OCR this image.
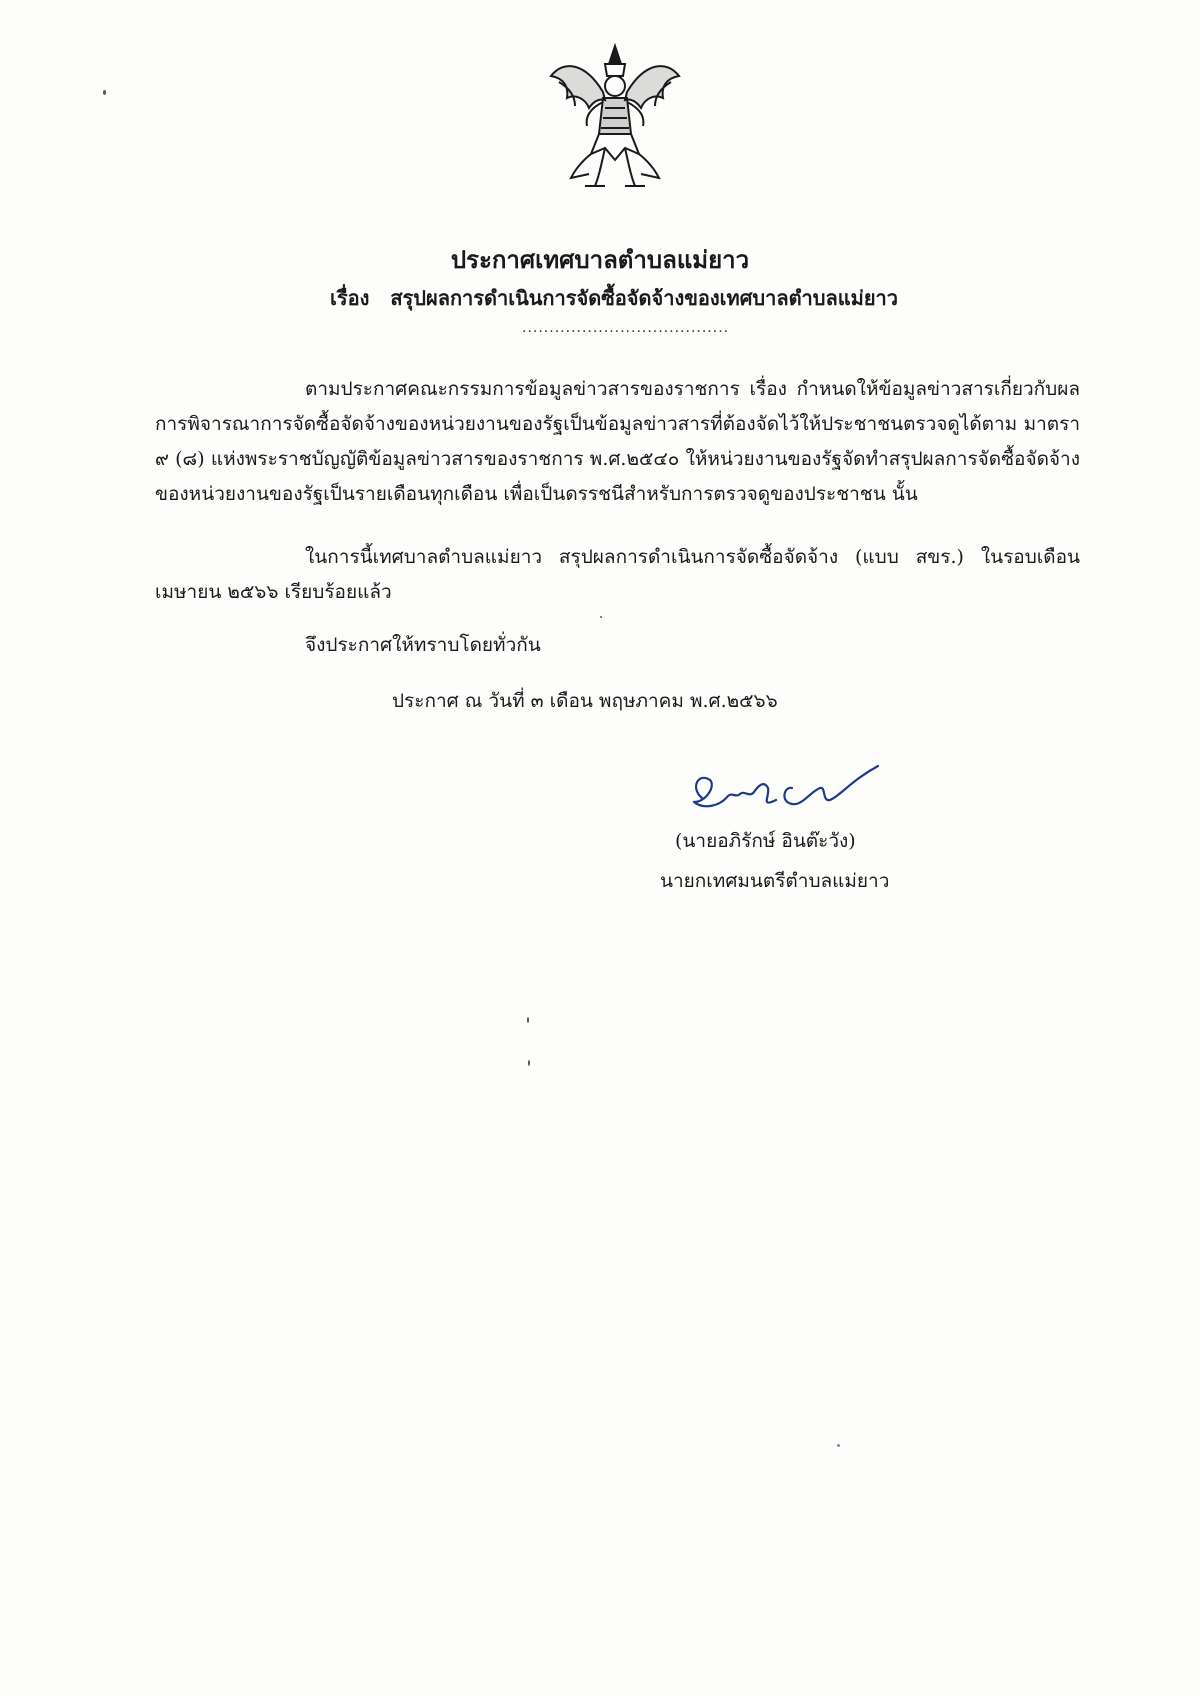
ประกาศเทศบาลตำบลแม่ยาว
เรื่อง สรุปผลการดำเนินการจัดซื้อจัดจ้างของเทศบาลตำบลแม่ยาว
......................................
ตามประกาศคณะกรรมการข้อมูลข่าวสารของราชการ เรื่อง กำหนดให้ข้อมูลข่าวสารเกี่ยวกับผลการพิจารณาการจัดซื้อจัดจ้างของหน่วยงานของรัฐเป็นข้อมูลข่าวสารที่ต้องจัดไว้ให้ประชาชนตรวจดูได้ตาม มาตรา ๙ (๘) แห่งพระราชบัญญัติข้อมูลข่าวสารของราชการ พ.ศ.๒๕๔๐ ให้หน่วยงานของรัฐจัดทำสรุปผลการจัดซื้อจัดจ้างของหน่วยงานของรัฐเป็นรายเดือนทุกเดือน เพื่อเป็นดรรชนีสำหรับการตรวจดูของประชาชน นั้น
ในการนี้เทศบาลตำบลแม่ยาว สรุปผลการดำเนินการจัดซื้อจัดจ้าง (แบบ สขร.) ในรอบเดือน เมษายน ๒๕๖๖ เรียบร้อยแล้ว
จึงประกาศให้ทราบโดยทั่วกัน
ประกาศ ณ วันที่ ๓ เดือน พฤษภาคม พ.ศ.๒๕๖๖
(นายอภิรักษ์ อินต๊ะวัง)
นายกเทศมนตรีตำบลแม่ยาว
